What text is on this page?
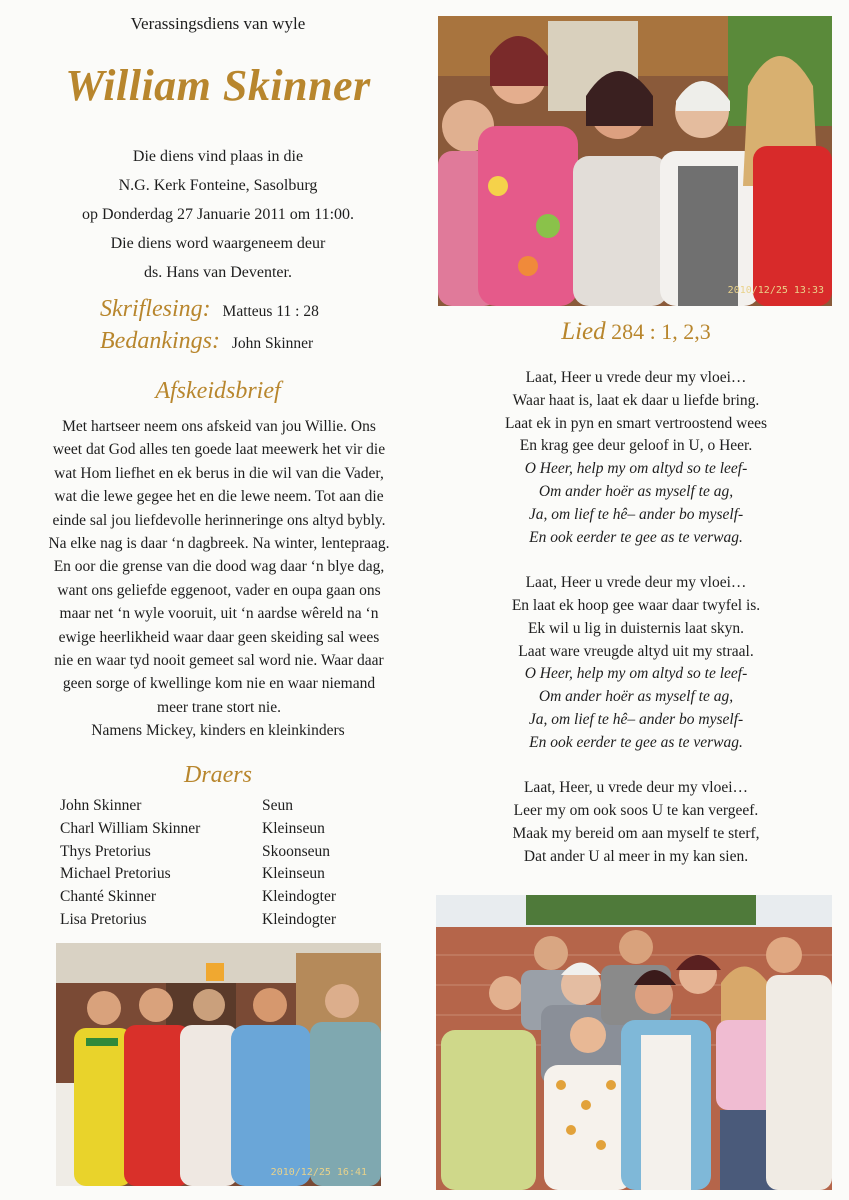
Verassingsdiens van wyle
William Skinner
Die diens vind plaas in die
N.G. Kerk Fonteine, Sasolburg
op Donderdag 27 Januarie 2011 om 11:00.
Die diens word waargeneem deur
ds. Hans van Deventer.
Skriflesing: Matteus 11 : 28
Bedankings: John Skinner
Afskeidsbrief
Met hartseer neem ons afskeid van jou Willie. Ons
weet dat God alles ten goede laat meewerk het vir die
wat Hom liefhet en ek berus in die wil van die Vader,
wat die lewe gegee het en die lewe neem. Tot aan die
einde sal jou liefdevolle herinneringe ons altyd bybly.
Na elke nag is daar ‘n dagbreek. Na winter, lentepraag.
En oor die grense van die dood wag daar ‘n blye dag,
want ons geliefde eggenoot, vader en oupa gaan ons
maar net ‘n wyle vooruit, uit ‘n aardse wêreld na ‘n
ewige heerlikheid waar daar geen skeiding sal wees
nie en waar tyd nooit gemeet sal word nie. Waar daar
geen sorge of kwellinge kom nie en waar niemand
meer trane stort nie.
Namens Mickey, kinders en kleinkinders
Draers
John Skinner	Seun
Charl William Skinner	Kleinseun
Thys Pretorius	Skoonseun
Michael Pretorius	Kleinseun
Chanté Skinner	Kleindogter
Lisa Pretorius	Kleindogter
2010/12/25 16:41
2010/12/25 13:33
Lied 284 : 1, 2,3
Laat, Heer u vrede deur my vloei…
Waar haat is, laat ek daar u liefde bring.
Laat ek in pyn en smart vertroostend wees
En krag gee deur geloof in U, o Heer.
O Heer, help my om altyd so te leef-
Om ander hoër as myself te ag,
Ja, om lief te hê– ander bo myself-
En ook eerder te gee as te verwag.
Laat, Heer u vrede deur my vloei…
En laat ek hoop gee waar daar twyfel is.
Ek wil u lig in duisternis laat skyn.
Laat ware vreugde altyd uit my straal.
O Heer, help my om altyd so te leef-
Om ander hoër as myself te ag,
Ja, om lief te hê– ander bo myself-
En ook eerder te gee as te verwag.
Laat, Heer, u vrede deur my vloei…
Leer my om ook soos U te kan vergeef.
Maak my bereid om aan myself te sterf,
Dat ander U al meer in my kan sien.
